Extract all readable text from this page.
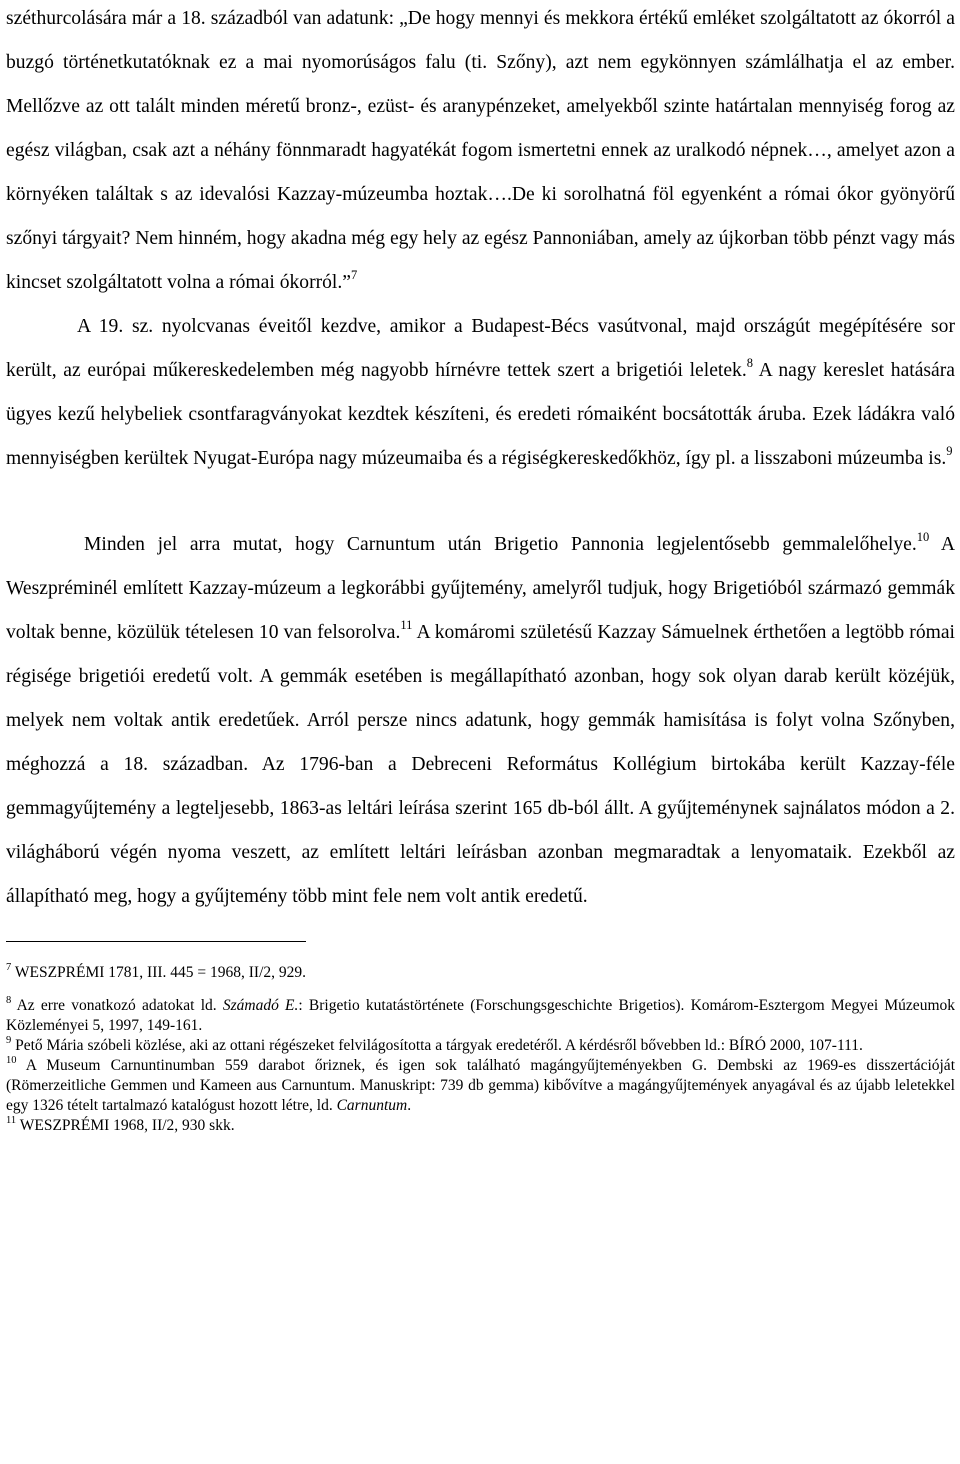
széthurcolására már a 18. századból van adatunk: „De hogy mennyi és mekkora értékű emléket szolgáltatott az ókorról a buzgó történetkutatóknak ez a mai nyomorúságos falu (ti. Szőny), azt nem egykönnyen számlálhatja el az ember. Mellőzve az ott talált minden méretű bronz-, ezüst- és aranypénzeket, amelyekből szinte határtalan mennyiség forog az egész világban, csak azt a néhány fönnmaradt hagyatékát fogom ismertetni ennek az uralkodó népnek…, amelyet azon a környéken találtak s az idevalósi Kazzay-múzeumba hoztak….De ki sorolhatná föl egyenként a római ókor gyönyörű szőnyi tárgyait? Nem hinném, hogy akadna még egy hely az egész Pannoniában, amely az újkorban több pénzt vagy más kincset szolgáltatott volna a római ókorról.”$^7$

A 19. sz. nyolcvanas éveitől kezdve, amikor a Budapest-Bécs vasútvonal, majd országút megépítésére sor került, az európai műkereskedelemben még nagyobb hírnévre tettek szert a brigetiói leletek.$^8$ A nagy kereslet hatására ügyes kezű helybeliek csontfaragványokat kezdtek készíteni, és eredeti rómaiként bocsátották áruba. Ezek ládákra való mennyiségben kerültek Nyugat-Európa nagy múzeumaiba és a régiségkereskedőkhöz, így pl. a lisszaboni múzeumba is.$^9$

Minden jel arra mutat, hogy Carnuntum után Brigetio Pannonia legjelentősebb gemmalelőhelye.$^{10}$ A Weszpréminél említett Kazzay-múzeum a legkorábbi gyűjtemény, amelyről tudjuk, hogy Brigetióból származó gemmák voltak benne, közülük tételesen 10 van felsorolva.$^{11}$ A komáromi születésű Kazzay Sámuelnek érthetően a legtöbb római régisége brigetiói eredetű volt. A gemmák esetében is megállapítható azonban, hogy sok olyan darab került közéjük, melyek nem voltak antik eredetűek. Arról persze nincs adatunk, hogy gemmák hamisítása is folyt volna Szőnyben, méghozzá a 18. században. Az 1796-ban a Debreceni Református Kollégium birtokába került Kazzay-féle gemmagyűjtemény a legteljesebb, 1863-as leltári leírása szerint 165 db-ból állt. A gyűjteménynek sajnálatos módon a 2. világháború végén nyoma veszett, az említett leltári leírásban azonban megmaradtak a lenyomataik. Ezekből az állapítható meg, hogy a gyűjtemény több mint fele nem volt antik eredetű.

$^7$ WESZPRÉMI 1781, III. 445 = 1968, II/2, 929.

$^8$ Az erre vonatkozó adatokat ld. Számadó E.: Brigetio kutatástörténete (Forschungsgeschichte Brigetios). Komárom-Esztergom Megyei Múzeumok Közleményei 5, 1997, 149-161.

$^9$ Pető Mária szóbeli közlése, aki az ottani régészeket felvilágosította a tárgyak eredetéről. A kérdésről bővebben ld.: BÍRÓ 2000, 107-111.

$^{10}$ A Museum Carnuntinumban 559 darabot őriznek, és igen sok található magángyűjteményekben G. Dembski az 1969-es disszertációját (Römerzeitliche Gemmen und Kameen aus Carnuntum. Manuskript: 739 db gemma) kibővítve a magángyűjtemények anyagával és az újabb leletekkel egy 1326 tételt tartalmazó katalógust hozott létre, ld. Carnuntum.

$^{11}$ WESZPRÉMI 1968, II/2, 930 skk.
